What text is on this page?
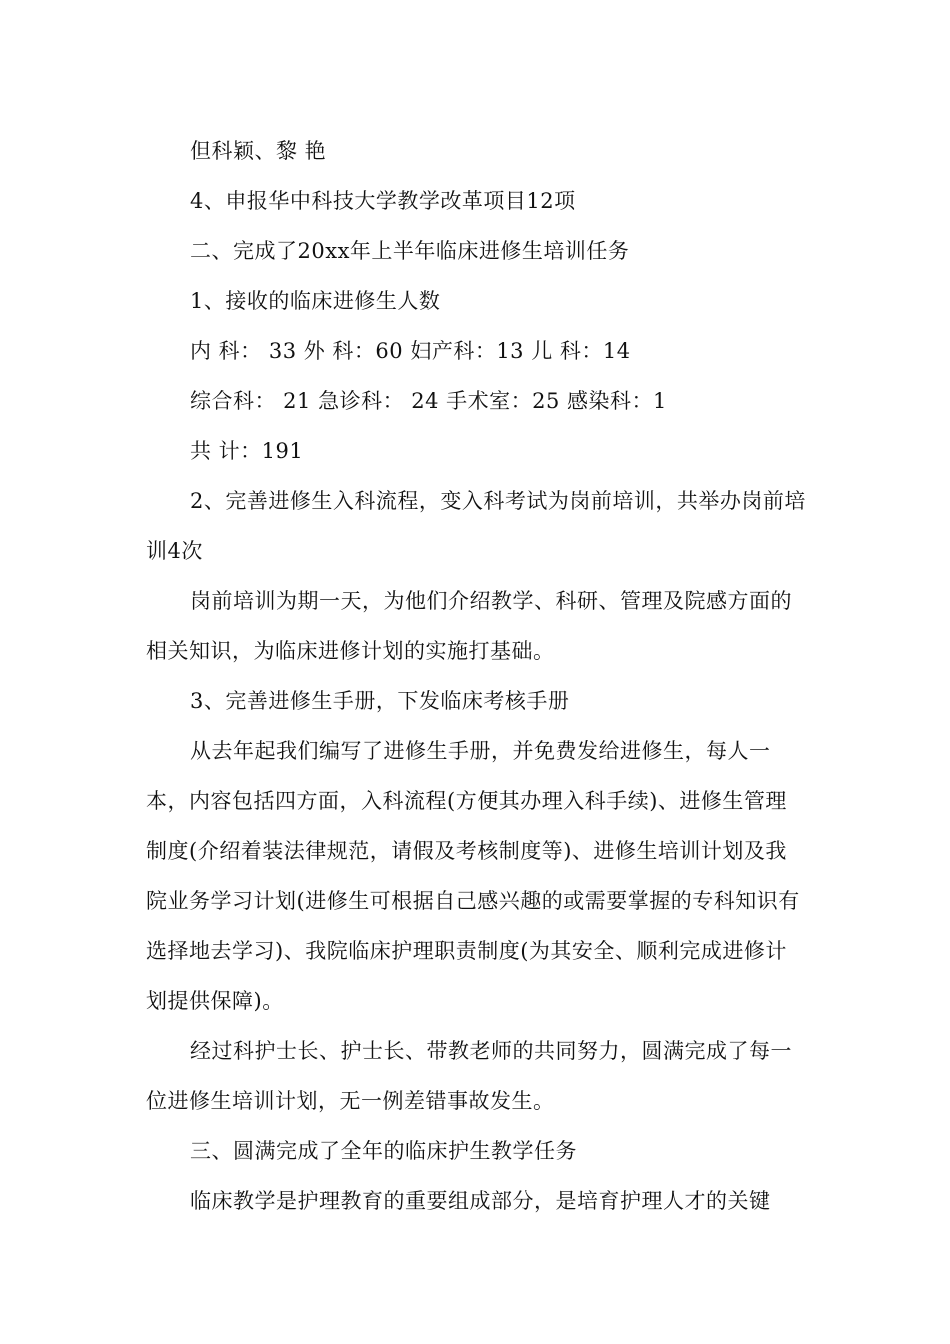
但科颖、黎 艳

4、申报华中科技大学教学改革项目12项

二、完成了20xx年上半年临床进修生培训任务

1、接收的临床进修生人数

内 科： 33 外 科：60 妇产科：13 儿 科：14

综合科： 21 急诊科： 24 手术室：25 感染科：1

共 计：191

2、完善进修生入科流程，变入科考试为岗前培训，共举办岗前培训4次

岗前培训为期一天，为他们介绍教学、科研、管理及院感方面的相关知识，为临床进修计划的实施打基础。

3、完善进修生手册，下发临床考核手册

从去年起我们编写了进修生手册，并免费发给进修生，每人一本，内容包括四方面，入科流程(方便其办理入科手续)、进修生管理制度(介绍着装法律规范，请假及考核制度等)、进修生培训计划及我院业务学习计划(进修生可根据自己感兴趣的或需要掌握的专科知识有选择地去学习)、我院临床护理职责制度(为其安全、顺利完成进修计划提供保障)。

经过科护士长、护士长、带教老师的共同努力，圆满完成了每一位进修生培训计划，无一例差错事故发生。

三、圆满完成了全年的临床护生教学任务

临床教学是护理教育的重要组成部分，是培育护理人才的关键
